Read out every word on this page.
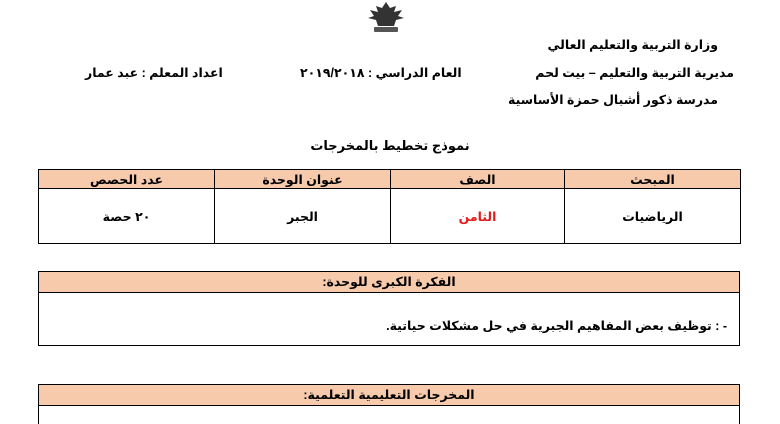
وزارة التربية والتعليم العالي
مديرية التربية والتعليم – بيت لحم
مدرسة ذكور أشبال حمزة الأساسية
العام الدراسي : ٢٠١٩/٢٠١٨
اعداد المعلم : عبد عمار
نموذج تخطيط بالمخرجات
المبحث	الصف	عنوان الوحدة	عدد الحصص
الرياضيات	الثامن	الجبر	٢٠ حصة
الفكرة الكبرى للوحدة:
- : توظيف بعض المفاهيم الجبرية في حل مشكلات حياتية.
المخرجات التعليمية التعلمية:
